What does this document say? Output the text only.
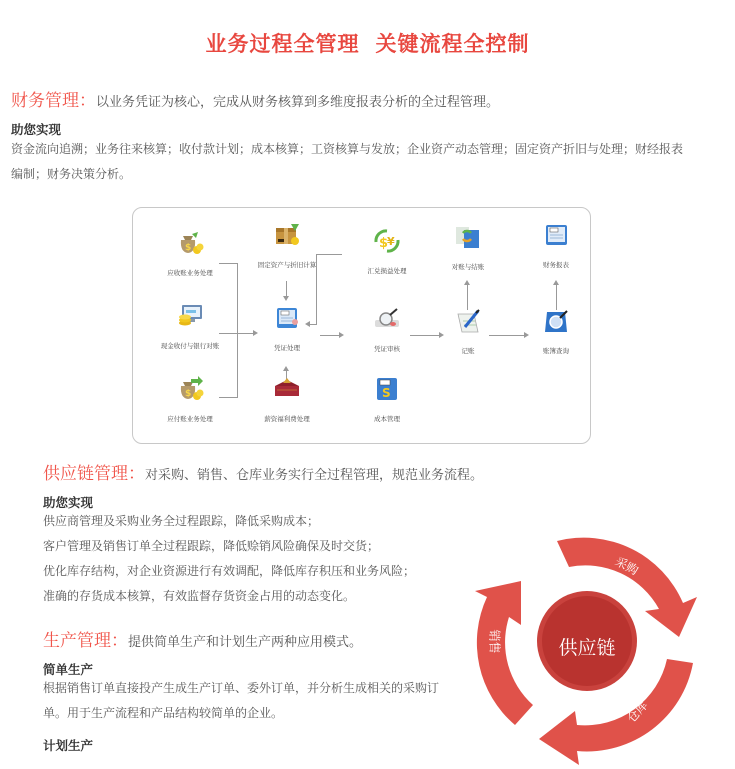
业务过程全管理 关键流程全控制
财务管理：以业务凭证为核心，完成从财务核算到多维度报表分析的全过程管理。
助您实现
资金流向追溯；业务往来核算；收付款计划；成本核算；工资核算与发放；企业资产动态管理；固定资产折旧与处理；财经报表
编制；财务决策分析。
$
应收账业务处理
现金收付与银行对账
$
应付账业务处理
固定资产与折旧计算
凭证处理
薪资福利费处理
$
¥
汇兑损益处理
凭证审核
S
成本管理
对账与结账
记账
财务报表
账簿查询
供应链管理：对采购、销售、仓库业务实行全过程管理，规范业务流程。
助您实现
供应商管理及采购业务全过程跟踪，降低采购成本；
客户管理及销售订单全过程跟踪，降低赊销风险确保及时交货；
优化库存结构，对企业资源进行有效调配，降低库存积压和业务风险；
准确的存货成本核算，有效监督存货资金占用的动态变化。
供应链
采购
仓库
销售
生产管理：提供简单生产和计划生产两种应用模式。
简单生产
根据销售订单直接投产生成生产订单、委外订单，并分析生成相关的采购订
单。用于生产流程和产品结构较简单的企业。
计划生产
